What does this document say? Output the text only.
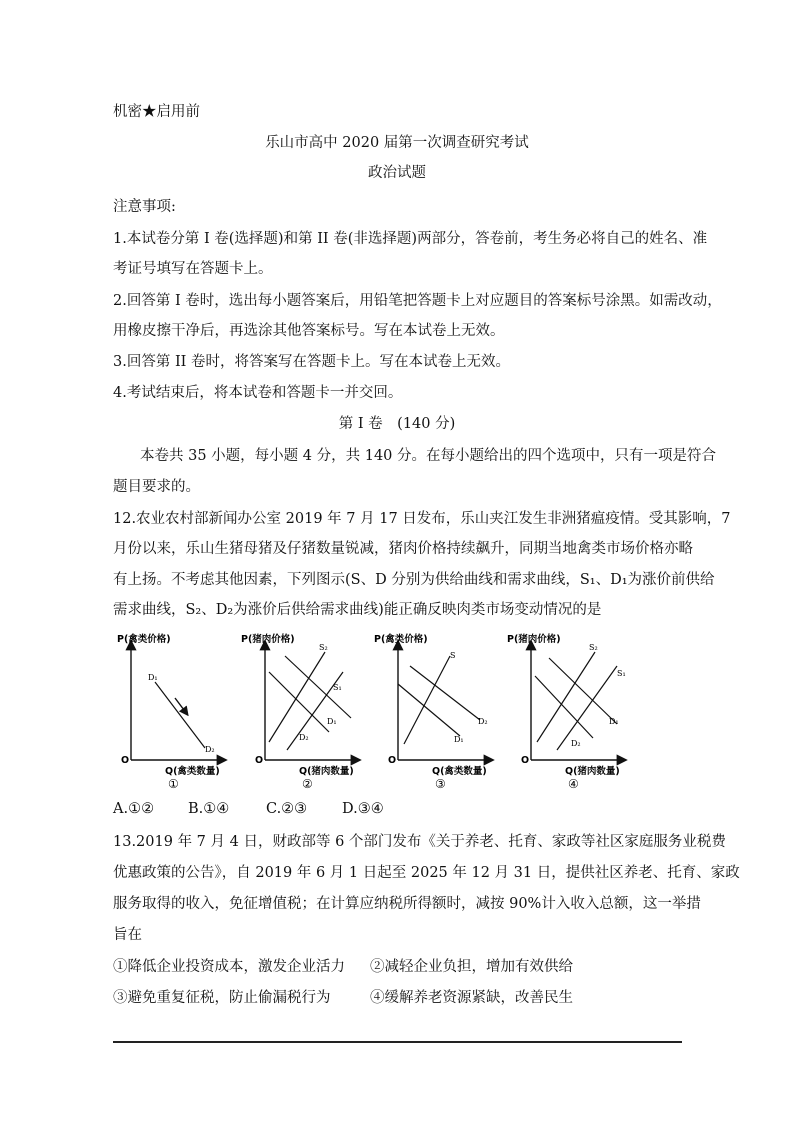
机密★启用前
乐山市高中 2020 届第一次调查研究考试
政治试题
注意事项:
1.本试卷分第 I 卷(选择题)和第 II 卷(非选择题)两部分，答卷前，考生务必将自己的姓名、准
考证号填写在答题卡上。
2.回答第 I 卷时，选出每小题答案后，用铅笔把答题卡上对应题目的答案标号涂黑。如需改动，
用橡皮擦干净后，再选涂其他答案标号。写在本试卷上无效。
3.回答第 II 卷时，将答案写在答题卡上。写在本试卷上无效。
4.考试结束后，将本试卷和答题卡一并交回。
第 I 卷　(140 分)
本卷共 35 小题，每小题 4 分，共 140 分。在每小题给出的四个选项中，只有一项是符合
题目要求的。
12.农业农村部新闻办公室 2019 年 7 月 17 日发布，乐山夹江发生非洲猪瘟疫情。受其影响，7
月份以来，乐山生猪母猪及仔猪数量锐减，猪肉价格持续飙升，同期当地禽类市场价格亦略
有上扬。不考虑其他因素，下列图示(S、D 分别为供给曲线和需求曲线，S₁、D₁为涨价前供给
需求曲线，S₂、D₂为涨价后供给需求曲线)能正确反映肉类市场变动情况的是
P(禽类价格)
Q(禽类数量)
O
D₁
D₂
①
P(猪肉价格)
Q(猪肉数量)
O
S₂
S₁
D₁
D₂
②
P(禽类价格)
Q(禽类数量)
O
S
D₂
D₁
③
P(猪肉价格)
Q(猪肉数量)
O
S₂
S₁
D₁
D₂
④
A.①② B.①④	C.②③ D.③④
13.2019 年 7 月 4 日，财政部等 6 个部门发布《关于养老、托育、家政等社区家庭服务业税费
优惠政策的公告》，自 2019 年 6 月 1 日起至 2025 年 12 月 31 日，提供社区养老、托育、家政
服务取得的收入，免征增值税；在计算应纳税所得额时，减按 90%计入收入总额，这一举措
旨在
①降低企业投资成本，激发企业活力 ②减轻企业负担，增加有效供给
③避免重复征税，防止偷漏税行为	④缓解养老资源紧缺，改善民生
